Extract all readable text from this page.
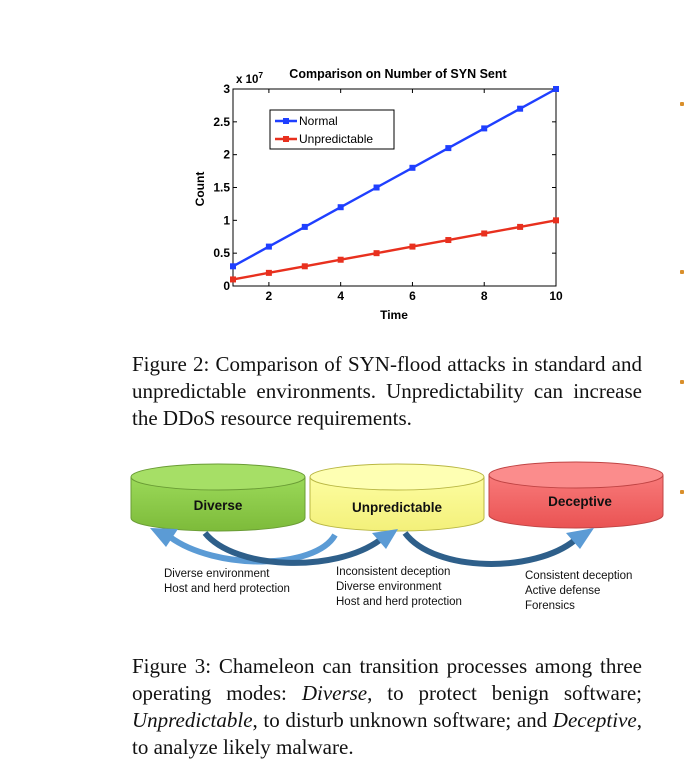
Comparison on Number of SYN Sent
x $10^7$
Count
Time
0
0.5
1
1.5
2
2.5
3
2	4	6	8	10
Normal
Unpredictable
Figure 2: Comparison of SYN-flood attacks in standard and unpredictable environments. Unpredictability can increase the DDoS resource requirements.
Diverse	Unpredictable	Deceptive
Diverse environment
Host and herd protection
Inconsistent deception
Diverse environment
Host and herd protection
Consistent deception
Active defense
Forensics
Figure 3: Chameleon can transition processes among three operating modes: Diverse, to protect benign software; Unpredictable, to disturb unknown software; and Deceptive, to analyze likely malware.
